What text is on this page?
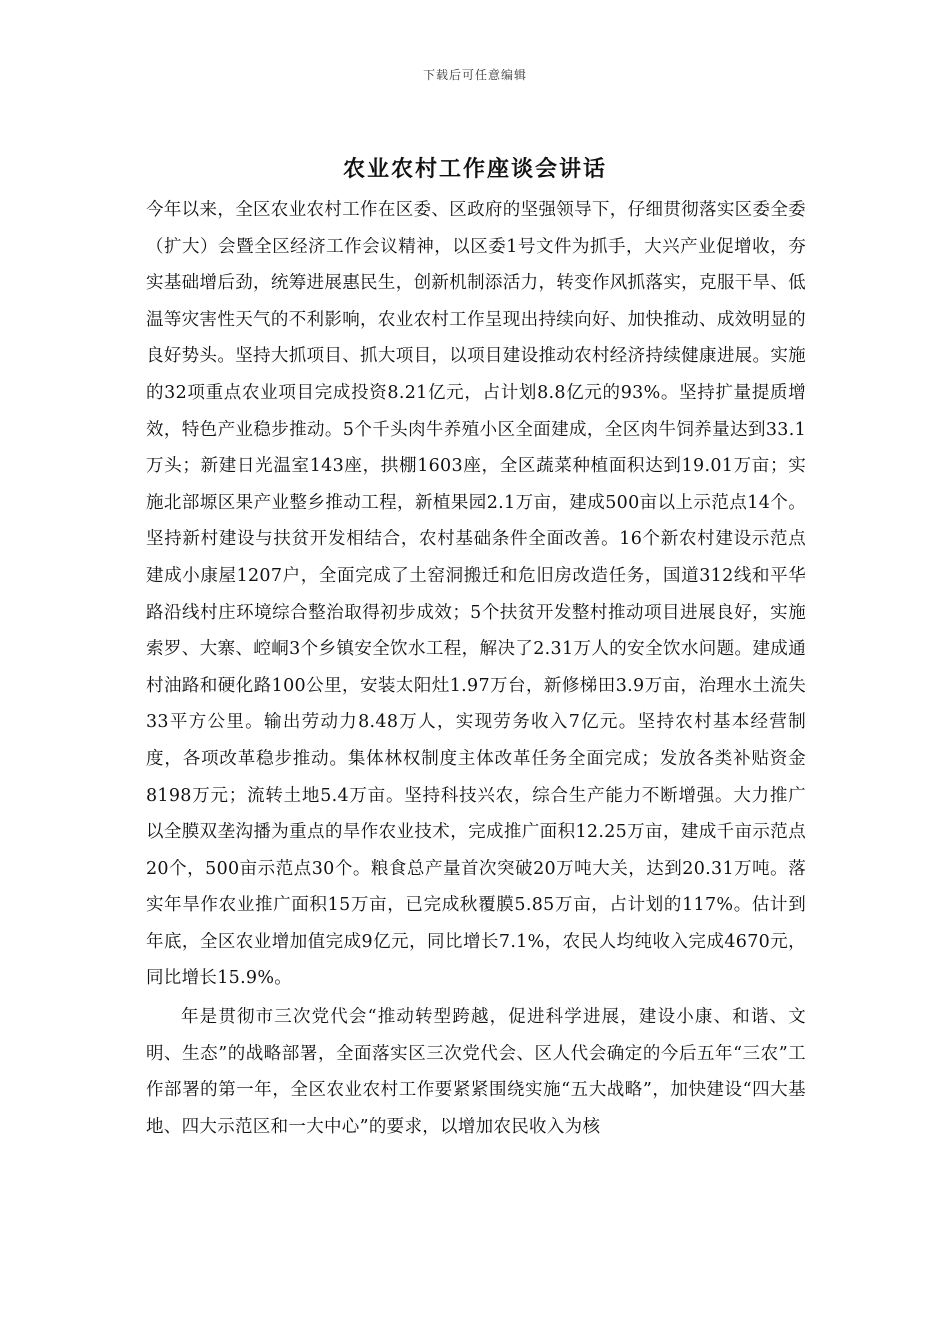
下载后可任意编辑
农业农村工作座谈会讲话

今年以来，全区农业农村工作在区委、区政府的坚强领导下，仔细贯彻落实区委全委（扩大）会暨全区经济工作会议精神，以区委1号文件为抓手，大兴产业促增收，夯实基础增后劲，统筹进展惠民生，创新机制添活力，转变作风抓落实，克服干旱、低温等灾害性天气的不利影响，农业农村工作呈现出持续向好、加快推动、成效明显的良好势头。坚持大抓项目、抓大项目，以项目建设推动农村经济持续健康进展。实施的32项重点农业项目完成投资8.21亿元，占计划8.8亿元的93%。坚持扩量提质增效，特色产业稳步推动。5个千头肉牛养殖小区全面建成，全区肉牛饲养量达到33.1万头；新建日光温室143座，拱棚1603座，全区蔬菜种植面积达到19.01万亩；实施北部塬区果产业整乡推动工程，新植果园2.1万亩，建成500亩以上示范点14个。坚持新村建设与扶贫开发相结合，农村基础条件全面改善。16个新农村建设示范点建成小康屋1207户，全面完成了土窑洞搬迁和危旧房改造任务，国道312线和平华路沿线村庄环境综合整治取得初步成效；5个扶贫开发整村推动项目进展良好，实施索罗、大寨、崆峒3个乡镇安全饮水工程，解决了2.31万人的安全饮水问题。建成通村油路和硬化路100公里，安装太阳灶1.97万台，新修梯田3.9万亩，治理水土流失33平方公里。输出劳动力8.48万人，实现劳务收入7亿元。坚持农村基本经营制度，各项改革稳步推动。集体林权制度主体改革任务全面完成；发放各类补贴资金8198万元；流转土地5.4万亩。坚持科技兴农，综合生产能力不断增强。大力推广以全膜双垄沟播为重点的旱作农业技术，完成推广面积12.25万亩，建成千亩示范点20个，500亩示范点30个。粮食总产量首次突破20万吨大关，达到20.31万吨。落实年旱作农业推广面积15万亩，已完成秋覆膜5.85万亩，占计划的117%。估计到年底，全区农业增加值完成9亿元，同比增长7.1%，农民人均纯收入完成4670元，同比增长15.9%。

年是贯彻市三次党代会“推动转型跨越，促进科学进展，建设小康、和谐、文明、生态”的战略部署，全面落实区三次党代会、区人代会确定的今后五年“三农”工作部署的第一年，全区农业农村工作要紧紧围绕实施“五大战略”，加快建设“四大基地、四大示范区和一大中心”的要求，以增加农民收入为核
